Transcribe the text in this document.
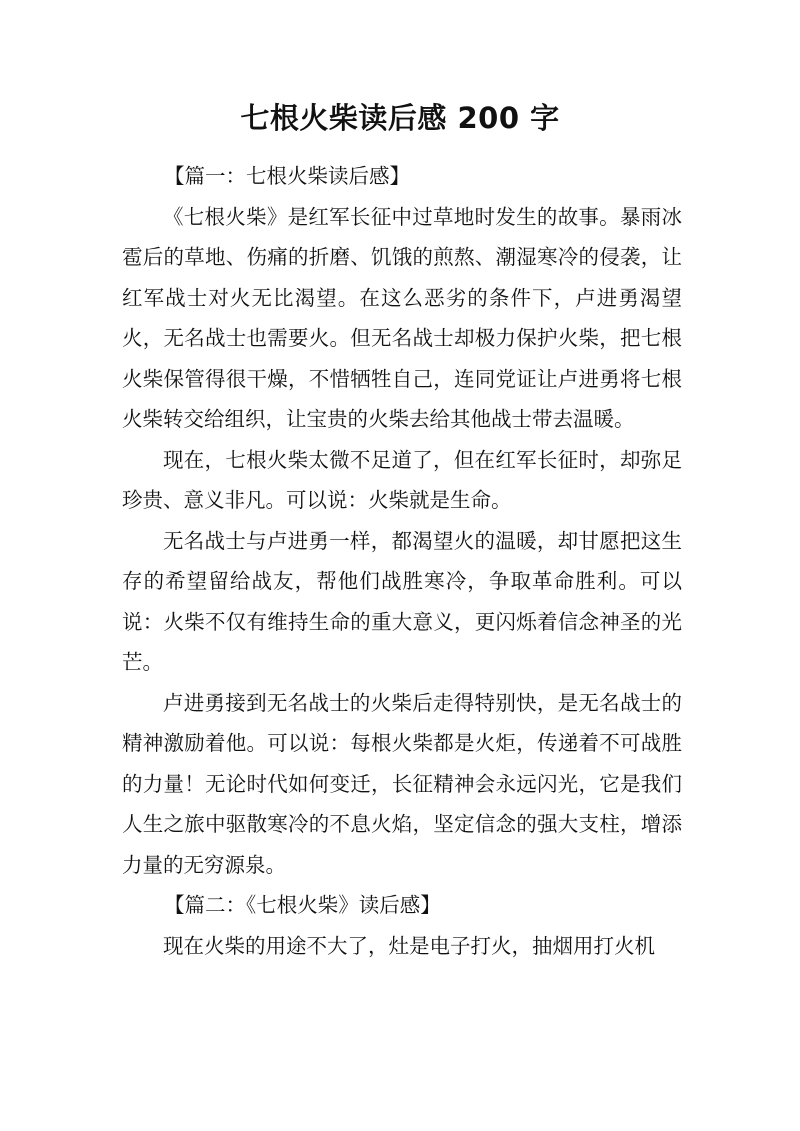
七根火柴读后感 200 字

【篇一：七根火柴读后感】

《七根火柴》是红军长征中过草地时发生的故事。暴雨冰雹后的草地、伤痛的折磨、饥饿的煎熬、潮湿寒冷的侵袭，让红军战士对火无比渴望。在这么恶劣的条件下，卢进勇渴望火，无名战士也需要火。但无名战士却极力保护火柴，把七根火柴保管得很干燥，不惜牺牲自己，连同党证让卢进勇将七根火柴转交给组织，让宝贵的火柴去给其他战士带去温暖。

现在，七根火柴太微不足道了，但在红军长征时，却弥足珍贵、意义非凡。可以说：火柴就是生命。

无名战士与卢进勇一样，都渴望火的温暖，却甘愿把这生存的希望留给战友，帮他们战胜寒冷，争取革命胜利。可以说：火柴不仅有维持生命的重大意义，更闪烁着信念神圣的光芒。

卢进勇接到无名战士的火柴后走得特别快，是无名战士的精神激励着他。可以说：每根火柴都是火炬，传递着不可战胜的力量！无论时代如何变迁，长征精神会永远闪光，它是我们人生之旅中驱散寒冷的不息火焰，坚定信念的强大支柱，增添力量的无穷源泉。

【篇二：《七根火柴》读后感】

现在火柴的用途不大了，灶是电子打火，抽烟用打火机
